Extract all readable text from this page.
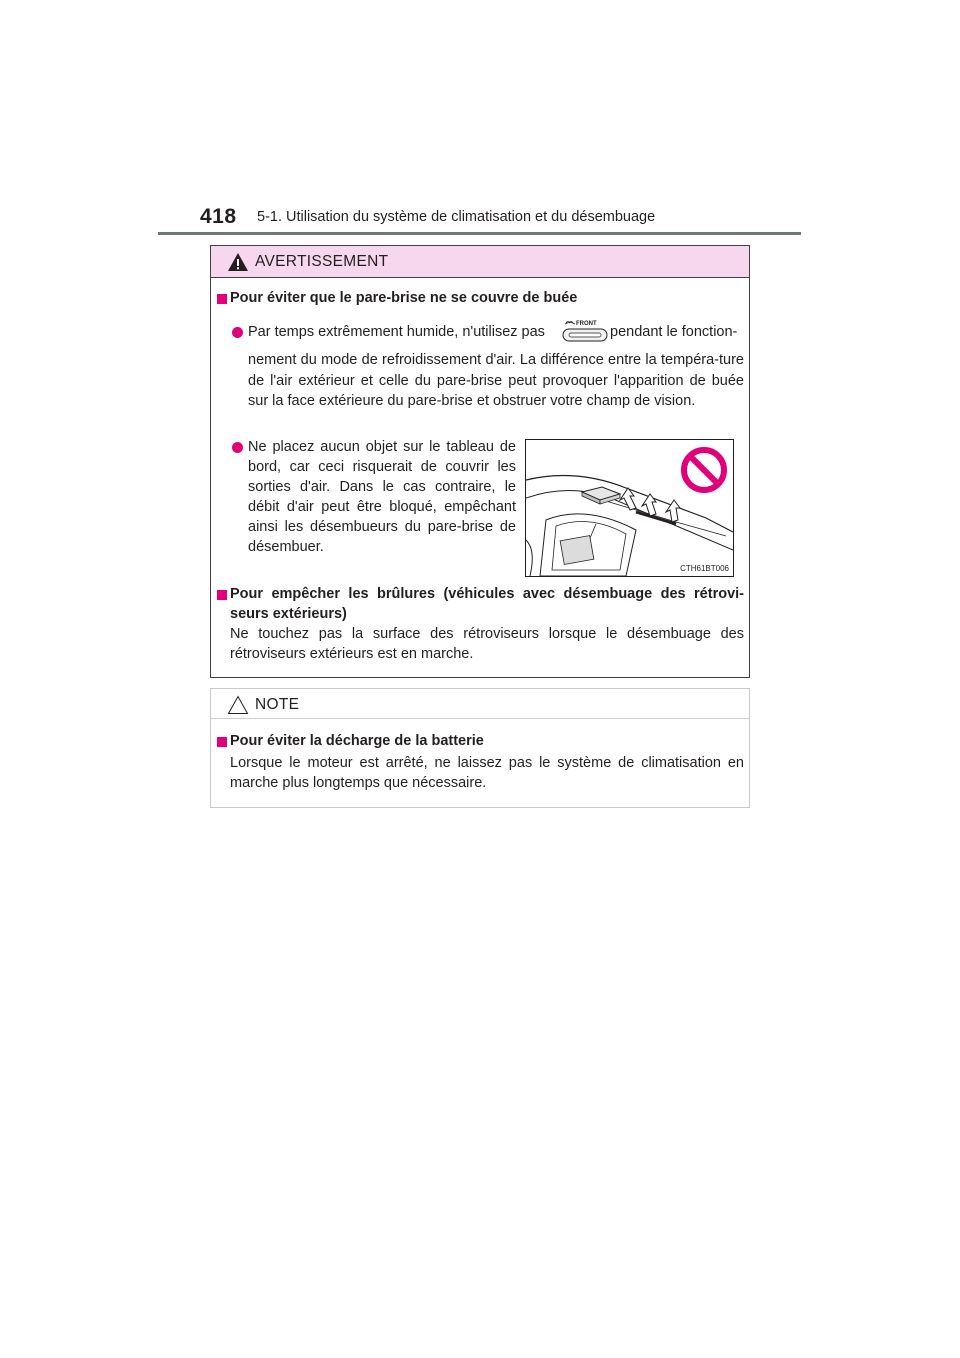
418 5-1. Utilisation du système de climatisation et du désembuage
AVERTISSEMENT
Pour éviter que le pare-brise ne se couvre de buée
Par temps extrêmement humide, n'utilisez pas	FRONT pendant le fonction-
nement du mode de refroidissement d'air. La différence entre la tempéra-ture de l'air extérieur et celle du pare-brise peut provoquer l'apparition de buée sur la face extérieure du pare-brise et obstruer votre champ de vision.
Ne placez aucun objet sur le tableau de bord, car ceci risquerait de couvrir les sorties d'air. Dans le cas contraire, le débit d'air peut être bloqué, empêchant ainsi les désembueurs du pare-brise de désembuer.
CTH61BT006
Pour empêcher les brûlures (véhicules avec désembuage des rétrovi-seurs extérieurs)
Ne touchez pas la surface des rétroviseurs lorsque le désembuage des rétroviseurs extérieurs est en marche.
NOTE
Pour éviter la décharge de la batterie
Lorsque le moteur est arrêté, ne laissez pas le système de climatisation en marche plus longtemps que nécessaire.
